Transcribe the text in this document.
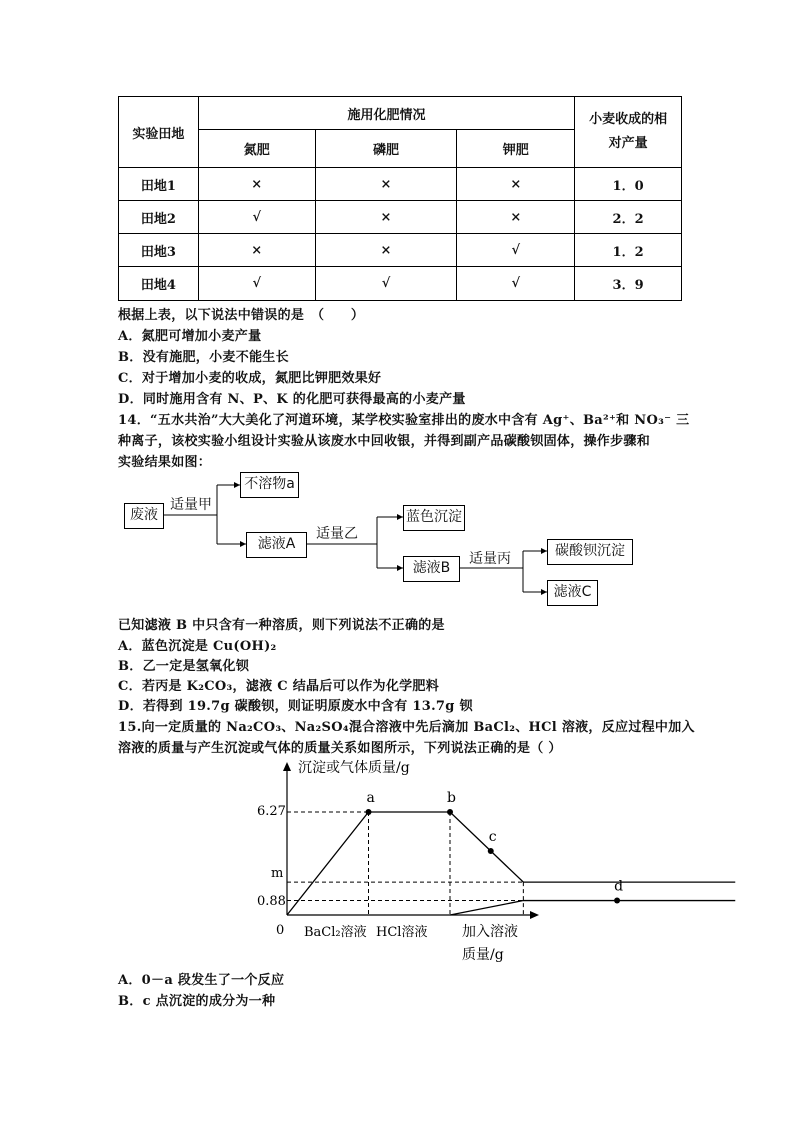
实验田地	施用化肥情况			小麦收成的相
对产量
	氮肥	磷肥	钾肥	
田地1	×	×	×	1．0
田地2	√	×	×	2．2
田地3	×	×	√	1．2
田地4	√	√	√	3．9
根据上表，以下说法中错误的是　（　　）
A．氮肥可增加小麦产量
B．没有施肥，小麦不能生长
C．对于增加小麦的收成，氮肥比钾肥效果好
D．同时施用含有 N、P、K 的化肥可获得最高的小麦产量
14．“五水共治”大大美化了河道环境，某学校实验室排出的废水中含有 Ag⁺、Ba²⁺和 NO₃⁻ 三
种离子，该校实验小组设计实验从该废水中回收银，并得到副产品碳酸钡固体，操作步骤和
实验结果如图：
废液
适量甲
不溶物a
滤液A
适量乙
蓝色沉淀
滤液B
适量丙	碳酸钡沉淀
滤液C
已知滤液 B 中只含有一种溶质，则下列说法不正确的是
A．蓝色沉淀是 Cu(OH)₂
B．乙一定是氢氧化钡
C．若丙是 K₂CO₃，滤液 C 结晶后可以作为化学肥料
D．若得到 19.7g 碳酸钡，则证明原废水中含有 13.7g 钡
15.向一定质量的 Na₂CO₃、Na₂SO₄混合溶液中先后滴加 BaCl₂、HCl 溶液，反应过程中加入
溶液的质量与产生沉淀或气体的质量关系如图所示，下列说法正确的是（ ）
沉淀或气体质量/g
0	加入溶液
质量/g
6.27
m
0.88
BaCl₂溶液 HCl溶液
a	b
c
d
A．0－a 段发生了一个反应
B．c 点沉淀的成分为一种
